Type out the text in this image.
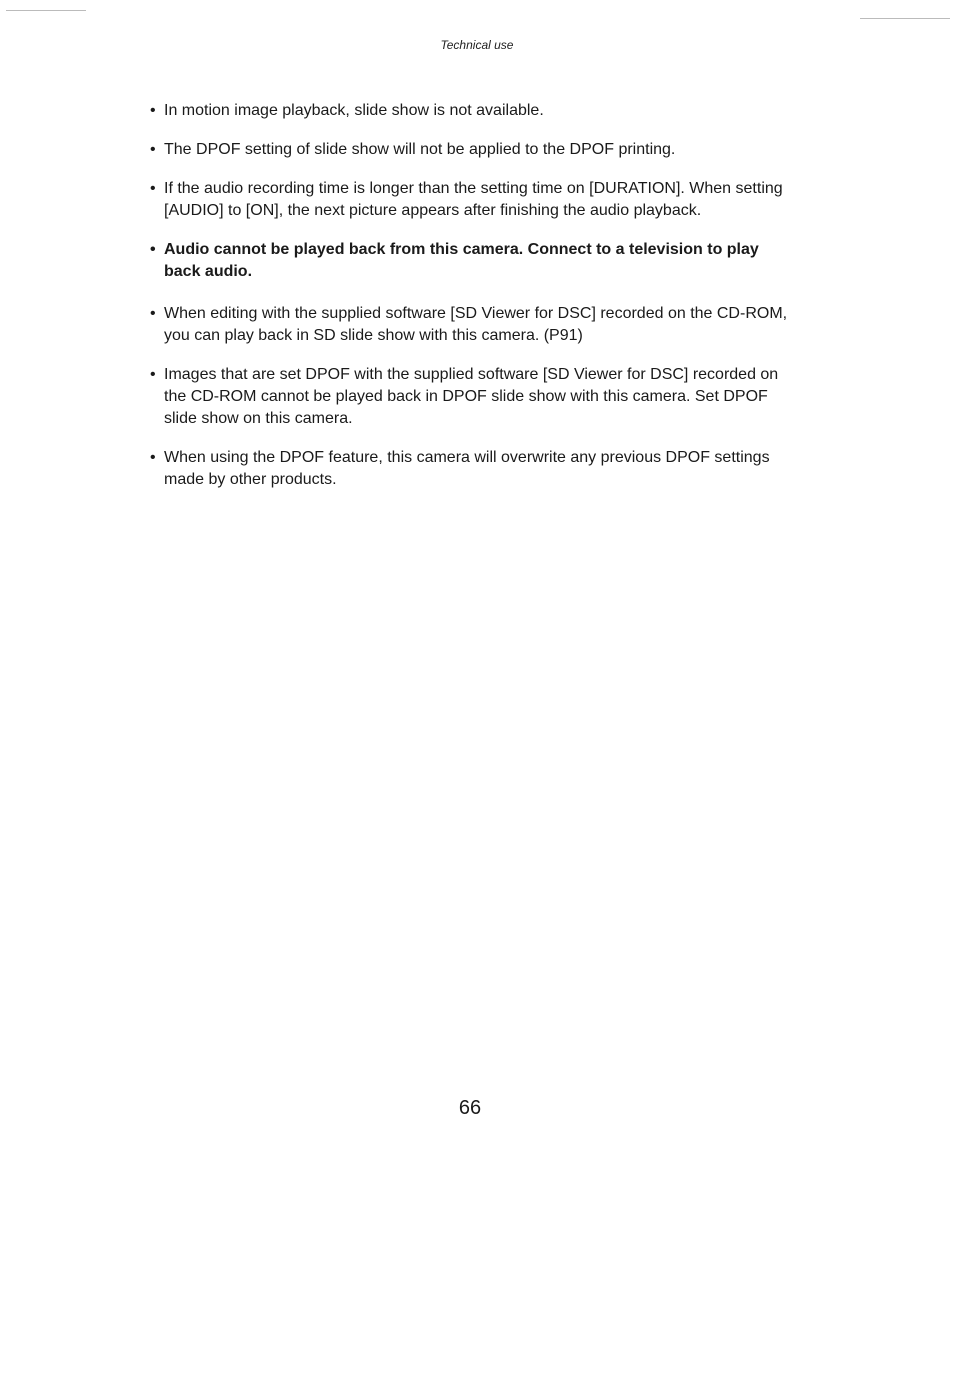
Technical use
• In motion image playback, slide show is not available.
• The DPOF setting of slide show will not be applied to the DPOF printing.
• If the audio recording time is longer than the setting time on [DURATION]. When setting [AUDIO] to [ON], the next picture appears after finishing the audio playback.
• Audio cannot be played back from this camera. Connect to a television to play back audio.
• When editing with the supplied software [SD Viewer for DSC] recorded on the CD-ROM, you can play back in SD slide show with this camera. (P91)
• Images that are set DPOF with the supplied software [SD Viewer for DSC] recorded on the CD-ROM cannot be played back in DPOF slide show with this camera. Set DPOF slide show on this camera.
• When using the DPOF feature, this camera will overwrite any previous DPOF settings made by other products.
66
